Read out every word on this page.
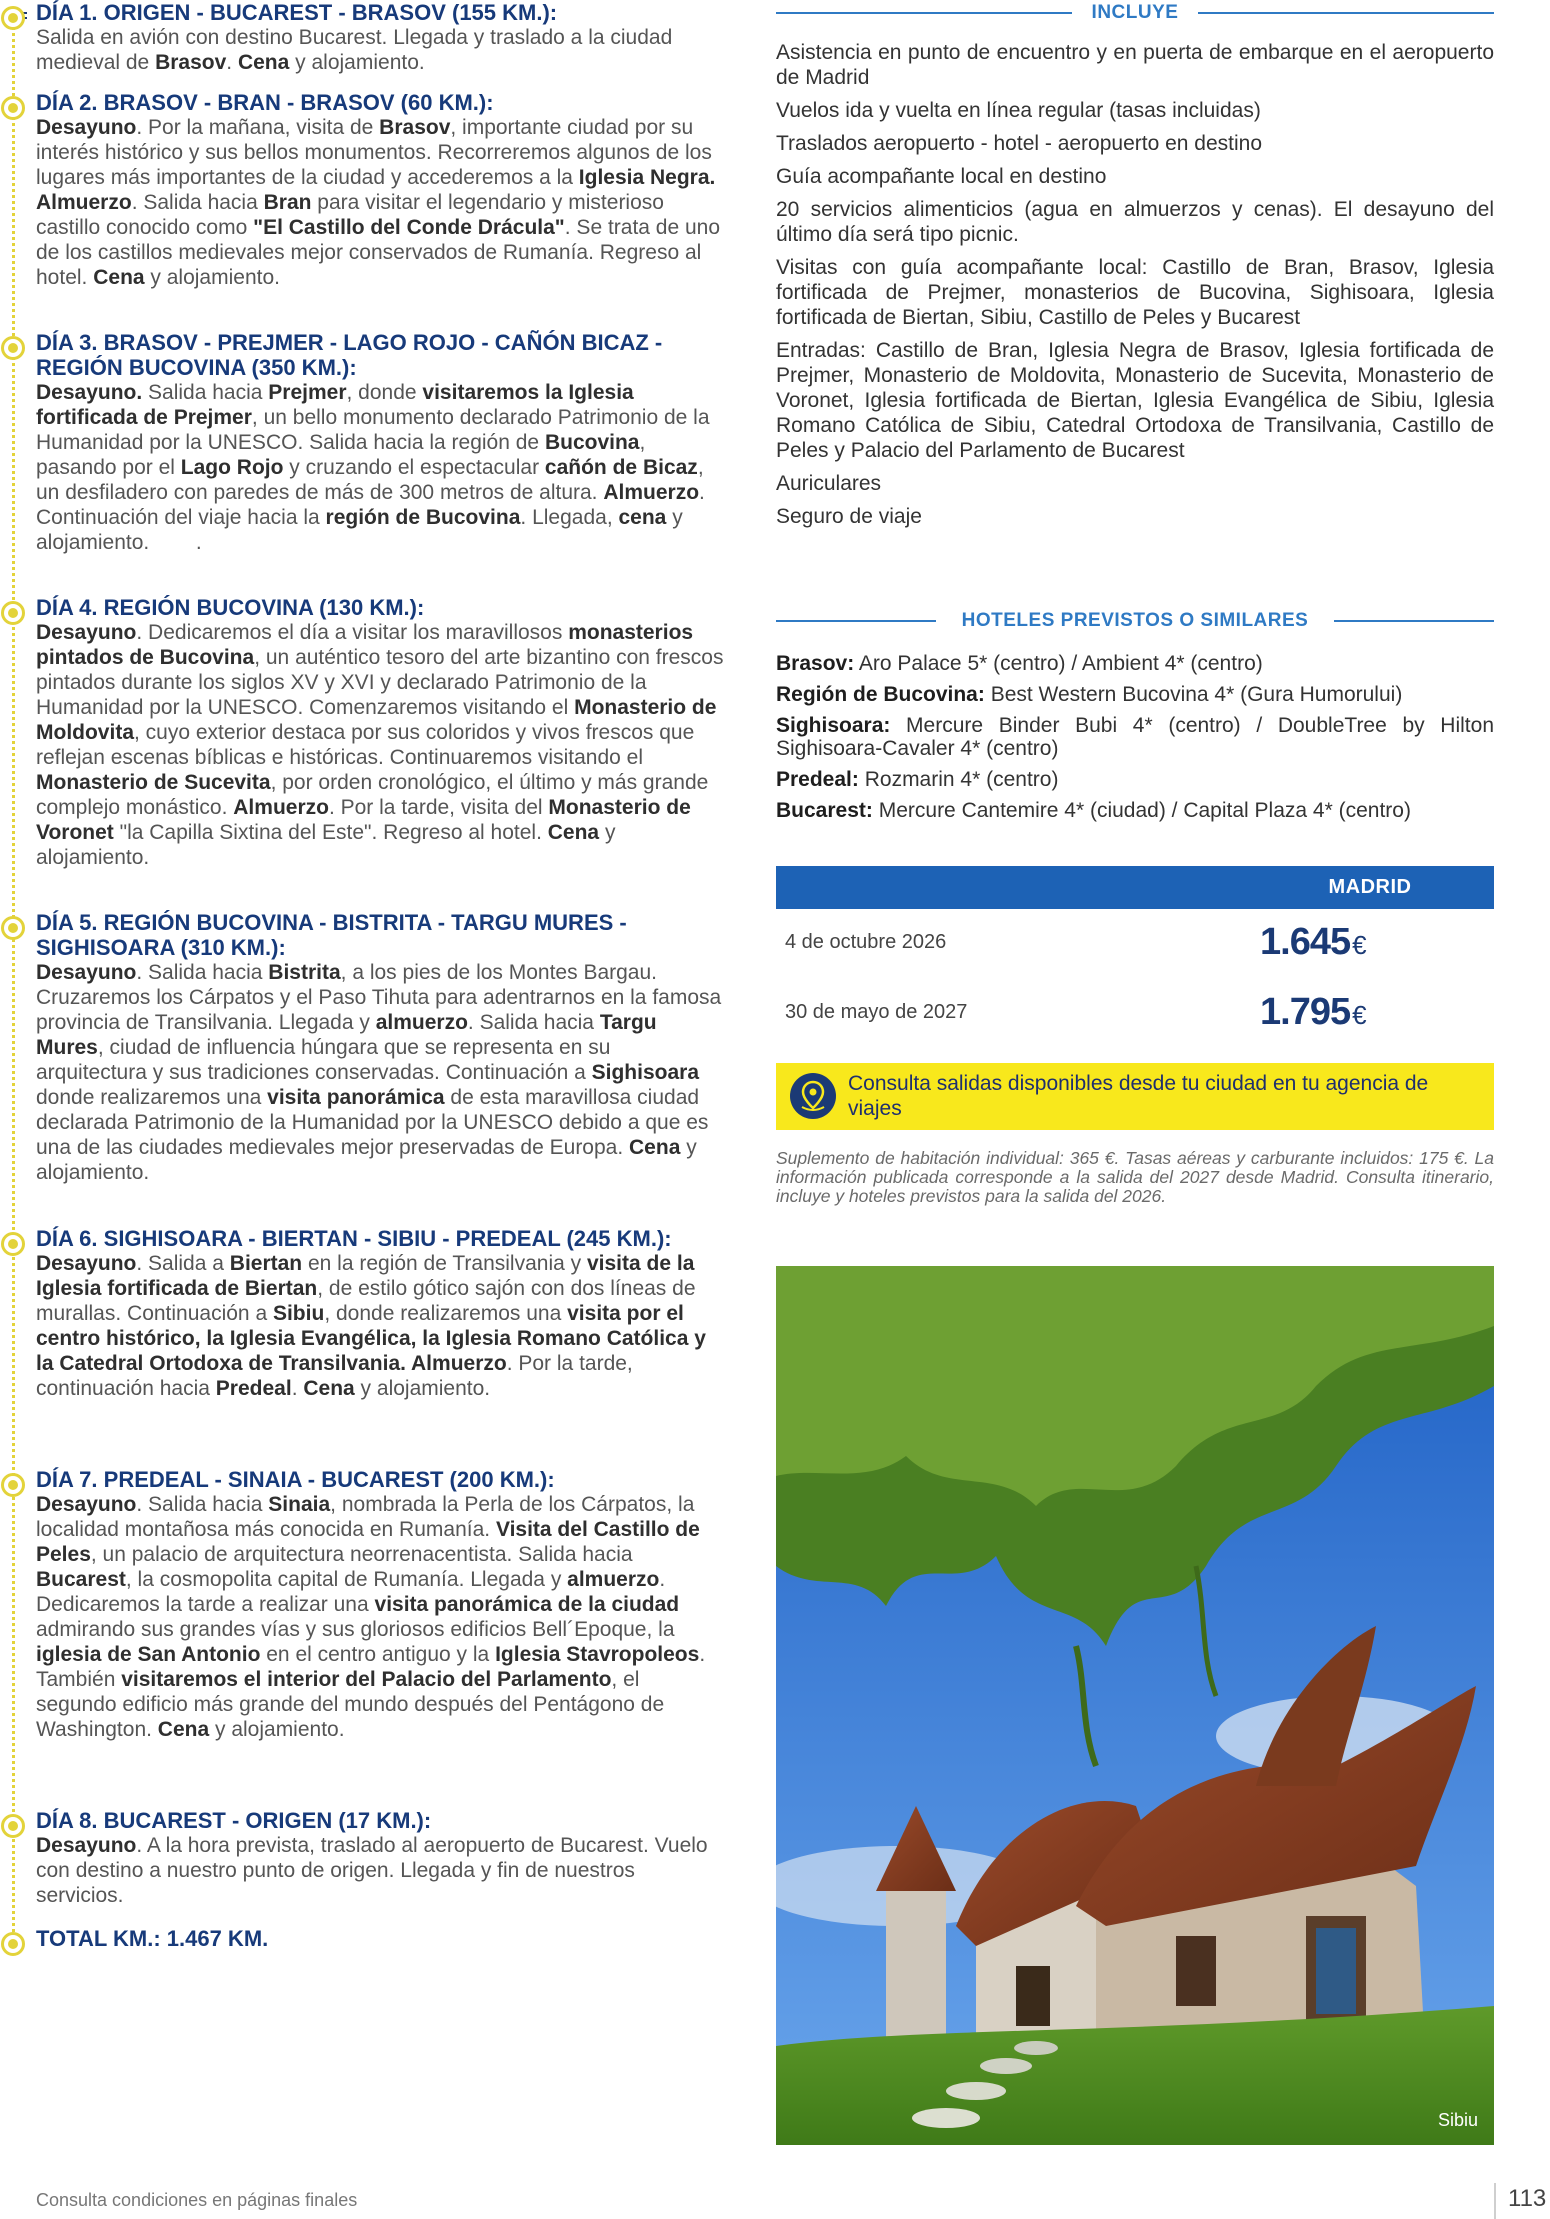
DÍA 1. ORIGEN - BUCAREST - BRASOV (155 KM.):
Salida en avión con destino Bucarest. Llegada y traslado a la ciudad medieval de Brasov. Cena y alojamiento.
DÍA 2. BRASOV - BRAN - BRASOV (60 KM.):
Desayuno. Por la mañana, visita de Brasov, importante ciudad por su interés histórico y sus bellos monumentos. Recorreremos algunos de los lugares más importantes de la ciudad y accederemos a la Iglesia Negra. Almuerzo. Salida hacia Bran para visitar el legendario y misterioso castillo conocido como "El Castillo del Conde Drácula". Se trata de uno de los castillos medievales mejor conservados de Rumanía. Regreso al hotel. Cena y alojamiento.
DÍA 3. BRASOV - PREJMER - LAGO ROJO - CAÑÓN BICAZ - REGIÓN BUCOVINA (350 KM.):
Desayuno. Salida hacia Prejmer, donde visitaremos la Iglesia fortificada de Prejmer, un bello monumento declarado Patrimonio de la Humanidad por la UNESCO. Salida hacia la región de Bucovina, pasando por el Lago Rojo y cruzando el espectacular cañón de Bicaz, un desfiladero con paredes de más de 300 metros de altura. Almuerzo. Continuación del viaje hacia la región de Bucovina. Llegada, cena y alojamiento.        .
DÍA 4. REGIÓN BUCOVINA (130 KM.):
Desayuno. Dedicaremos el día a visitar los maravillosos monasterios pintados de Bucovina, un auténtico tesoro del arte bizantino con frescos pintados durante los siglos XV y XVI y declarado Patrimonio de la Humanidad por la UNESCO. Comenzaremos visitando el Monasterio de Moldovita, cuyo exterior destaca por sus coloridos y vivos frescos que reflejan escenas bíblicas e históricas. Continuaremos visitando el Monasterio de Sucevita, por orden cronológico, el último y más grande complejo monástico. Almuerzo. Por la tarde, visita del Monasterio de Voronet "la Capilla Sixtina del Este". Regreso al hotel. Cena y alojamiento.
DÍA 5. REGIÓN BUCOVINA - BISTRITA - TARGU MURES - SIGHISOARA (310 KM.):
Desayuno. Salida hacia Bistrita, a los pies de los Montes Bargau. Cruzaremos los Cárpatos y el Paso Tihuta para adentrarnos en la famosa provincia de Transilvania. Llegada y almuerzo. Salida hacia Targu Mures, ciudad de influencia húngara que se representa en su arquitectura y sus tradiciones conservadas. Continuación a Sighisoara donde realizaremos una visita panorámica de esta maravillosa ciudad declarada Patrimonio de la Humanidad por la UNESCO debido a que es una de las ciudades medievales mejor preservadas de Europa. Cena y alojamiento.
DÍA 6. SIGHISOARA - BIERTAN - SIBIU - PREDEAL (245 KM.):
Desayuno. Salida a Biertan en la región de Transilvania y visita de la Iglesia fortificada de Biertan, de estilo gótico sajón con dos líneas de murallas. Continuación a Sibiu, donde realizaremos una visita por el centro histórico, la Iglesia Evangélica, la Iglesia Romano Católica y la Catedral Ortodoxa de Transilvania. Almuerzo. Por la tarde, continuación hacia Predeal. Cena y alojamiento.
DÍA 7. PREDEAL - SINAIA - BUCAREST (200 KM.):
Desayuno. Salida hacia Sinaia, nombrada la Perla de los Cárpatos, la localidad montañosa más conocida en Rumanía. Visita del Castillo de Peles, un palacio de arquitectura neorrenacentista. Salida hacia Bucarest, la cosmopolita capital de Rumanía. Llegada y almuerzo. Dedicaremos la tarde a realizar una visita panorámica de la ciudad admirando sus grandes vías y sus gloriosos edificios Bell´Epoque, la iglesia de San Antonio en el centro antiguo y la Iglesia Stavropoleos. También visitaremos el interior del Palacio del Parlamento, el segundo edificio más grande del mundo después del Pentágono de Washington. Cena y alojamiento.
DÍA 8. BUCAREST - ORIGEN (17 KM.):
Desayuno. A la hora prevista, traslado al aeropuerto de Bucarest. Vuelo con destino a nuestro punto de origen. Llegada y fin de nuestros servicios.
TOTAL KM.: 1.467 KM.
INCLUYE
Asistencia en punto de encuentro y en puerta de embarque en el aeropuerto de Madrid
Vuelos ida y vuelta en línea regular (tasas incluidas)
Traslados aeropuerto - hotel - aeropuerto en destino
Guía acompañante local en destino
20 servicios alimenticios (agua en almuerzos y cenas). El desayuno del último día será tipo picnic.
Visitas con guía acompañante local: Castillo de Bran, Brasov, Iglesia fortificada de Prejmer, monasterios de Bucovina, Sighisoara, Iglesia fortificada de Biertan, Sibiu, Castillo de Peles y Bucarest
Entradas: Castillo de Bran, Iglesia Negra de Brasov, Iglesia fortificada de Prejmer, Monasterio de Moldovita, Monasterio de Sucevita, Monasterio de Voronet, Iglesia fortificada de Biertan, Iglesia Evangélica de Sibiu, Iglesia Romano Católica de Sibiu, Catedral Ortodoxa de Transilvania, Castillo de Peles y Palacio del Parlamento de Bucarest
Auriculares
Seguro de viaje
HOTELES PREVISTOS O SIMILARES
Brasov: Aro Palace 5* (centro) / Ambient 4* (centro)
Región de Bucovina: Best Western Bucovina 4* (Gura Humorului)
Sighisoara: Mercure Binder Bubi 4* (centro) / DoubleTree by Hilton Sighisoara-Cavaler 4* (centro)
Predeal: Rozmarin 4* (centro)
Bucarest: Mercure Cantemire 4* (ciudad) / Capital Plaza 4* (centro)
MADRID
4 de octubre 2026	1.645€
30 de mayo de 2027	1.795€
Consulta salidas disponibles desde tu ciudad en tu agencia de viajes
Suplemento de habitación individual: 365 €. Tasas aéreas y carburante incluidos: 175 €. La información publicada corresponde a la salida del 2027 desde Madrid. Consulta itinerario, incluye y hoteles previstos para la salida del 2026.
Sibiu
Consulta condiciones en páginas finales	113
